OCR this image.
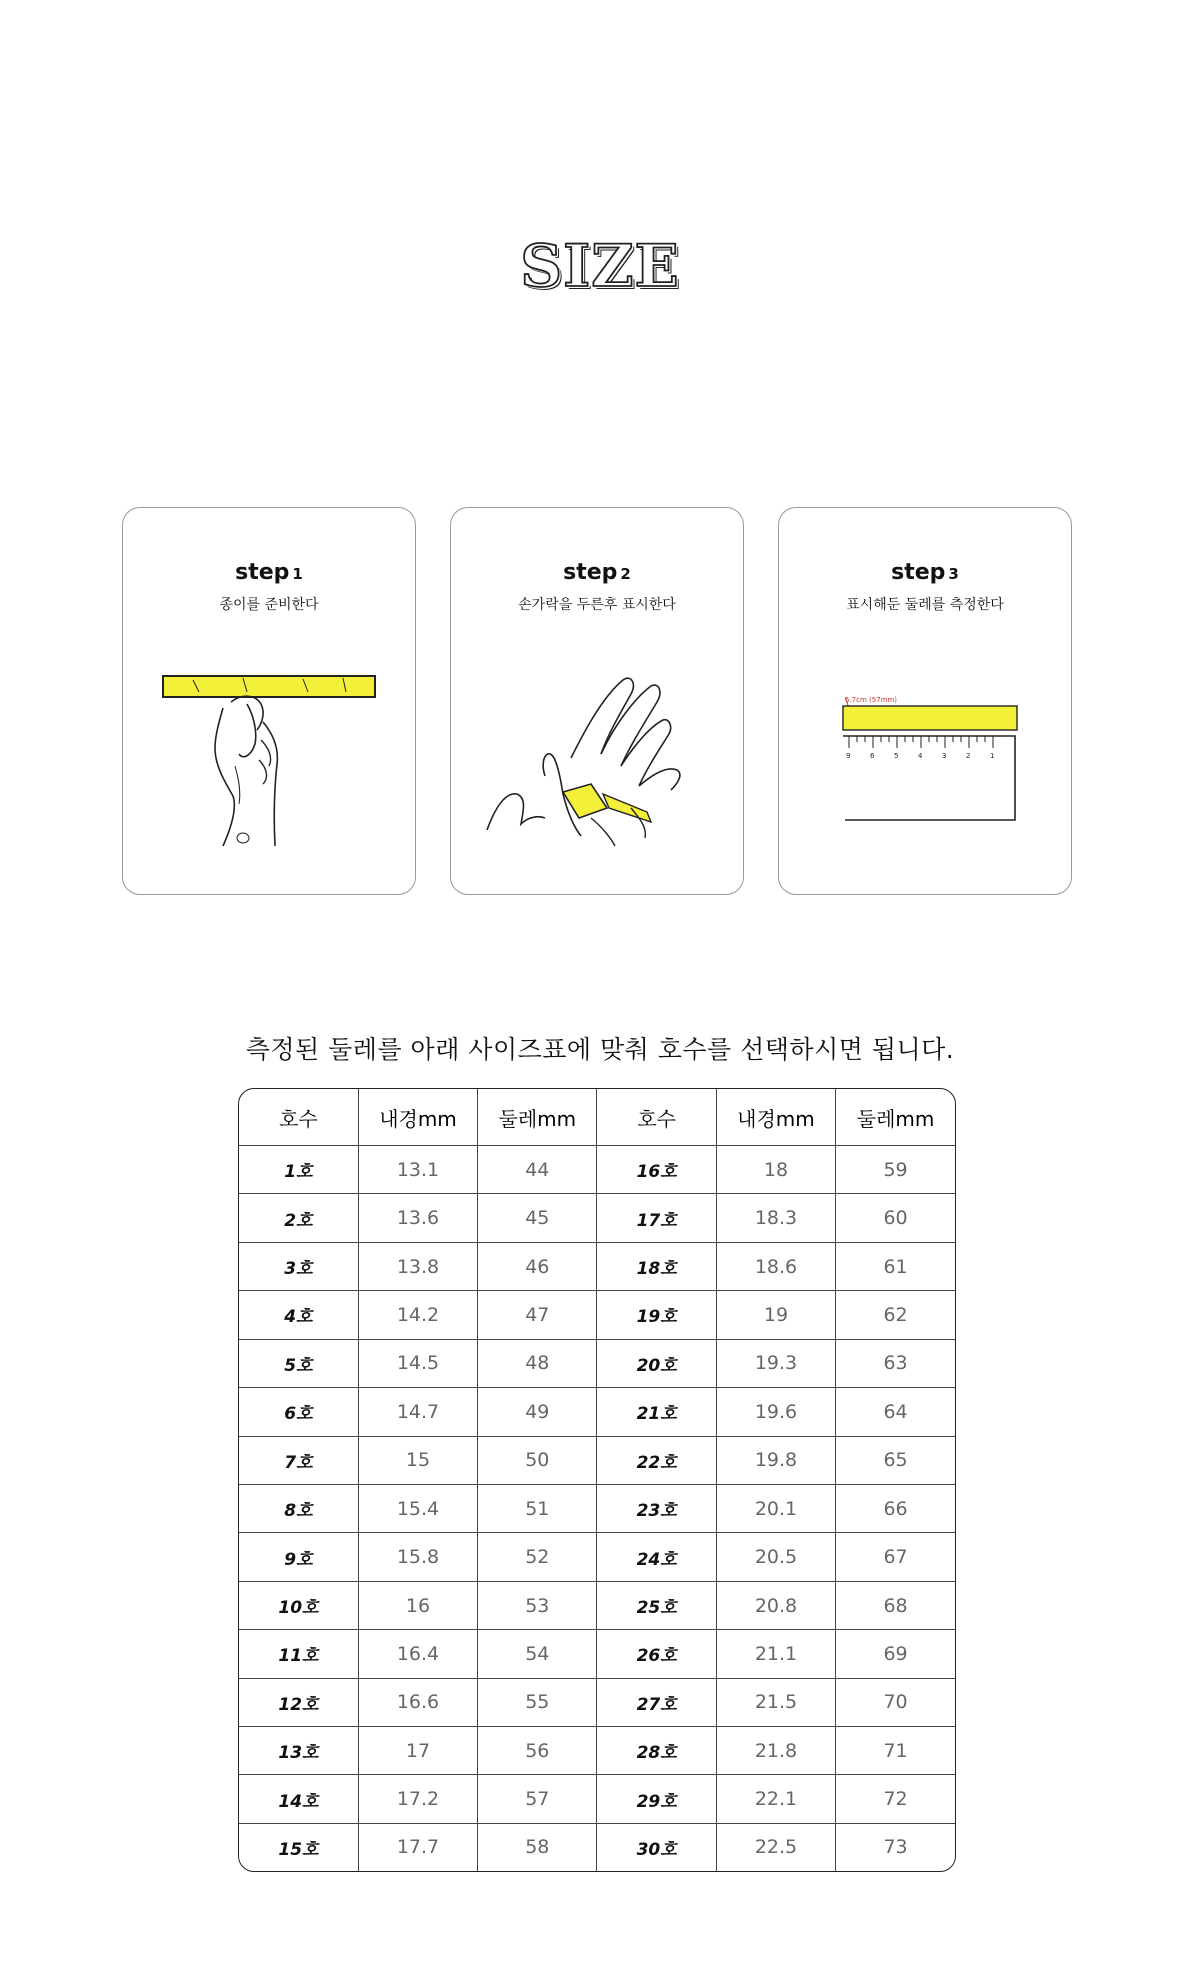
SIZE
step 1
종이를 준비한다
step 2
손가락을 두른후 표시한다
step 3
표시해둔 둘레를 측정한다
5.7cm (57mm)
9	6	5	4	3	2	1
측정된 둘레를 아래 사이즈표에 맞춰 호수를 선택하시면 됩니다.
호수	내경mm	둘레mm	호수	내경mm	둘레mm
1호	13.1	44	16호	18	59
2호	13.6	45	17호	18.3	60
3호	13.8	46	18호	18.6	61
4호	14.2	47	19호	19	62
5호	14.5	48	20호	19.3	63
6호	14.7	49	21호	19.6	64
7호	15	50	22호	19.8	65
8호	15.4	51	23호	20.1	66
9호	15.8	52	24호	20.5	67
10호	16	53	25호	20.8	68
11호	16.4	54	26호	21.1	69
12호	16.6	55	27호	21.5	70
13호	17	56	28호	21.8	71
14호	17.2	57	29호	22.1	72
15호	17.7	58	30호	22.5	73
